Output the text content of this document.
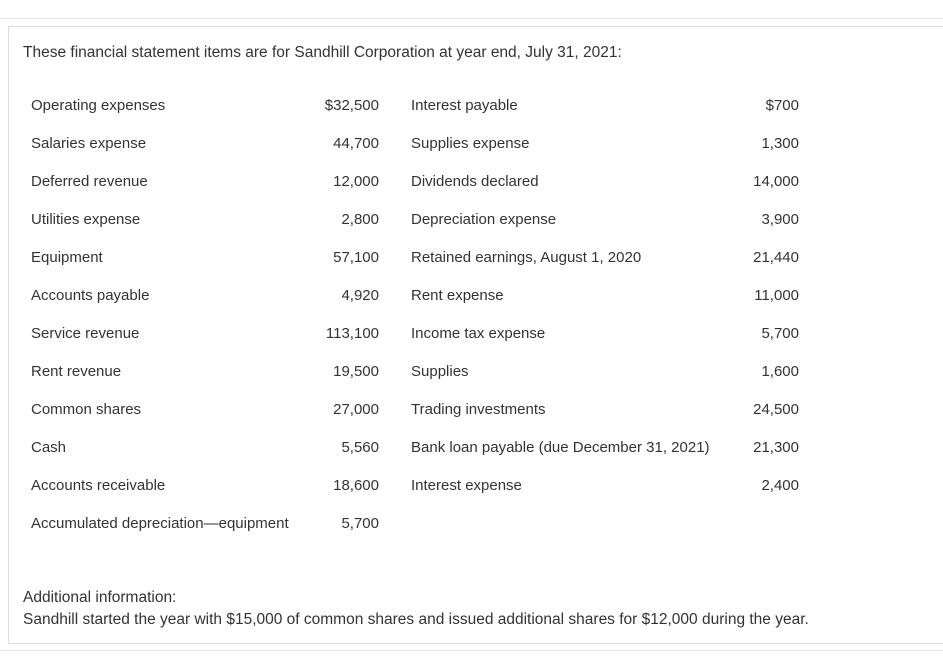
These financial statement items are for Sandhill Corporation at year end, July 31, 2021:
Operating expenses	$32,500 Interest payable	$700
Salaries expense	44,700 Supplies expense	1,300
Deferred revenue	12,000 Dividends declared	14,000
Utilities expense	2,800 Depreciation expense	3,900
Equipment	57,100 Retained earnings, August 1, 2020	21,440
Accounts payable	4,920 Rent expense	11,000
Service revenue	113,100 Income tax expense	5,700
Rent revenue	19,500 Supplies	1,600
Common shares	27,000 Trading investments	24,500
Cash	5,560 Bank loan payable (due December 31, 2021)	21,300
Accounts receivable	18,600 Interest expense	2,400
Accumulated depreciation—equipment	5,700
Additional information:
Sandhill started the year with $15,000 of common shares and issued additional shares for $12,000 during the year.
